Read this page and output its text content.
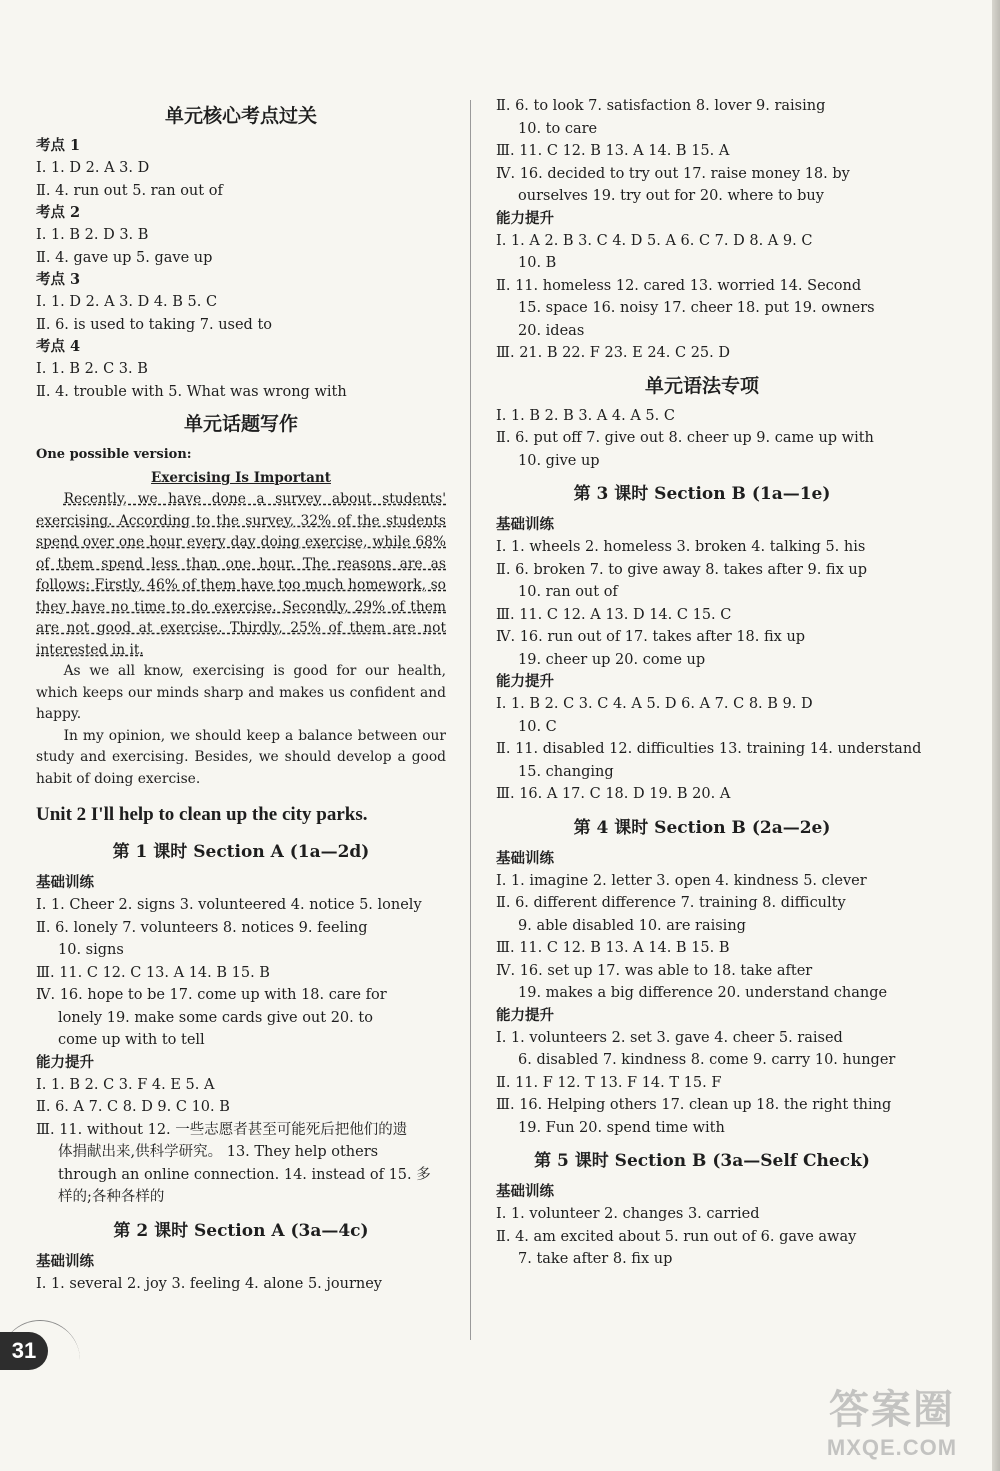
单元核心考点过关
考点 1
Ⅰ. 1. D 2. A 3. D
Ⅱ. 4. run out 5. ran out of
考点 2
Ⅰ. 1. B 2. D 3. B
Ⅱ. 4. gave up 5. gave up
考点 3
Ⅰ. 1. D 2. A 3. D 4. B 5. C
Ⅱ. 6. is used to taking 7. used to
考点 4
Ⅰ. 1. B 2. C 3. B
Ⅱ. 4. trouble with 5. What was wrong with
单元话题写作
One possible version:
Exercising Is Important
Recently, we have done a survey about students' exercising. According to the survey, 32% of the students spend over one hour every day doing exercise, while 68% of them spend less than one hour. The reasons are as follows: Firstly, 46% of them have too much homework, so they have no time to do exercise. Secondly, 29% of them are not good at exercise. Thirdly, 25% of them are not interested in it.
As we all know, exercising is good for our health, which keeps our minds sharp and makes us confident and happy.
In my opinion, we should keep a balance between our study and exercising. Besides, we should develop a good habit of doing exercise.
Unit 2 I'll help to clean up the city parks.
第 1 课时 Section A (1a—2d)
基础训练
Ⅰ. 1. Cheer 2. signs 3. volunteered 4. notice 5. lonely
Ⅱ. 6. lonely 7. volunteers 8. notices 9. feeling
10. signs
Ⅲ. 11. C 12. C 13. A 14. B 15. B
Ⅳ. 16. hope to be 17. come up with 18. care for
lonely 19. make some cards give out 20. to
come up with to tell
能力提升
Ⅰ. 1. B 2. C 3. F 4. E 5. A
Ⅱ. 6. A 7. C 8. D 9. C 10. B
Ⅲ. 11. without 12. 一些志愿者甚至可能死后把他们的遗
体捐献出来,供科学研究。 13. They help others
through an online connection. 14. instead of 15. 多
样的;各种各样的
第 2 课时 Section A (3a—4c)
基础训练
Ⅰ. 1. several 2. joy 3. feeling 4. alone 5. journey
Ⅱ. 6. to look 7. satisfaction 8. lover 9. raising
10. to care
Ⅲ. 11. C 12. B 13. A 14. B 15. A
Ⅳ. 16. decided to try out 17. raise money 18. by
ourselves 19. try out for 20. where to buy
能力提升
Ⅰ. 1. A 2. B 3. C 4. D 5. A 6. C 7. D 8. A 9. C
10. B
Ⅱ. 11. homeless 12. cared 13. worried 14. Second
15. space 16. noisy 17. cheer 18. put 19. owners
20. ideas
Ⅲ. 21. B 22. F 23. E 24. C 25. D
单元语法专项
Ⅰ. 1. B 2. B 3. A 4. A 5. C
Ⅱ. 6. put off 7. give out 8. cheer up 9. came up with
10. give up
第 3 课时 Section B (1a—1e)
基础训练
Ⅰ. 1. wheels 2. homeless 3. broken 4. talking 5. his
Ⅱ. 6. broken 7. to give away 8. takes after 9. fix up
10. ran out of
Ⅲ. 11. C 12. A 13. D 14. C 15. C
Ⅳ. 16. run out of 17. takes after 18. fix up
19. cheer up 20. come up
能力提升
Ⅰ. 1. B 2. C 3. C 4. A 5. D 6. A 7. C 8. B 9. D
10. C
Ⅱ. 11. disabled 12. difficulties 13. training 14. understand
15. changing
Ⅲ. 16. A 17. C 18. D 19. B 20. A
第 4 课时 Section B (2a—2e)
基础训练
Ⅰ. 1. imagine 2. letter 3. open 4. kindness 5. clever
Ⅱ. 6. different difference 7. training 8. difficulty
9. able disabled 10. are raising
Ⅲ. 11. C 12. B 13. A 14. B 15. B
Ⅳ. 16. set up 17. was able to 18. take after
19. makes a big difference 20. understand change
能力提升
Ⅰ. 1. volunteers 2. set 3. gave 4. cheer 5. raised
6. disabled 7. kindness 8. come 9. carry 10. hunger
Ⅱ. 11. F 12. T 13. F 14. T 15. F
Ⅲ. 16. Helping others 17. clean up 18. the right thing
19. Fun 20. spend time with
第 5 课时 Section B (3a—Self Check)
基础训练
Ⅰ. 1. volunteer 2. changes 3. carried
Ⅱ. 4. am excited about 5. run out of 6. gave away
7. take after 8. fix up
31
答案圈
MXQE.COM
